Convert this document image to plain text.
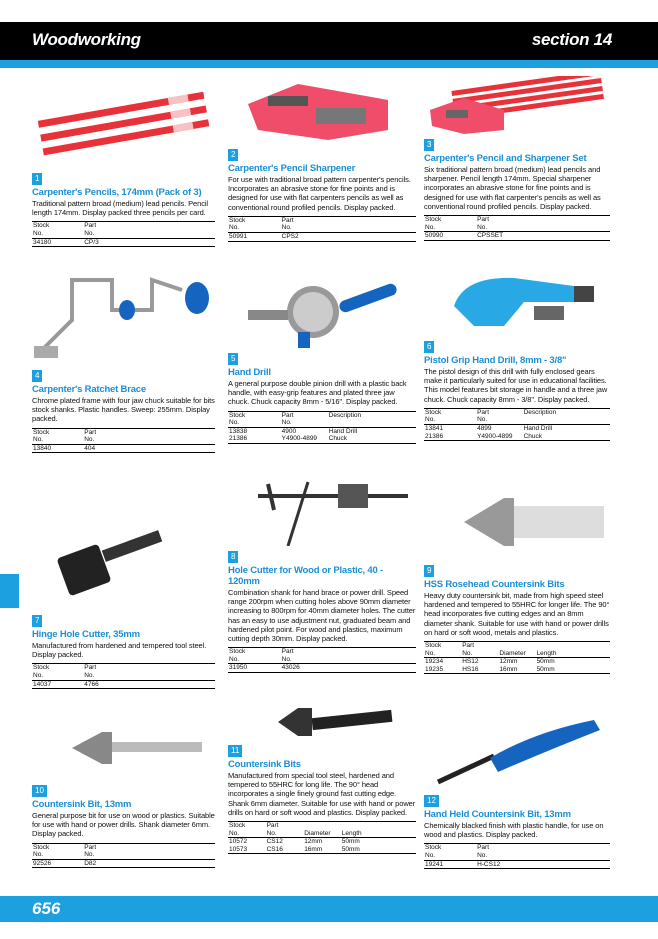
Woodworking	section 14
656
1
Carpenter's Pencils, 174mm (Pack of 3)
Traditional pattern broad (medium) lead pencils. Pencil length 174mm. Display packed three pencils per card.
Stock
No.	Part
No.	
34180	CP/3	
2
Carpenter's Pencil Sharpener
For use with traditional broad pattern carpenter's pencils. Incorporates an abrasive stone for fine points and is designed for use with flat carpenters pencils as well as conventional round profiled pencils. Display packed.
Stock
No.	Part
No.	
50991	CPS2	
3
Carpenter's Pencil and Sharpener Set
Six traditional pattern broad (medium) lead pencils and sharpener. Pencil length 174mm. Special sharpener incorporates an abrasive stone for fine points and is designed for use with flat carpenter's pencils as well as conventional round profiled pencils. Display packed.
Stock
No.	Part
No.	
50990	CPSSET	
4
Carpenter's Ratchet Brace
Chrome plated frame with four jaw chuck suitable for bits stock shanks. Plastic handles. Sweep: 255mm. Display packed.
Stock
No.	Part
No.	
13840	404	
5
Hand Drill
A general purpose double pinion drill with a plastic back handle, with easy-grip features and plated three jaw chuck. Chuck capacity 8mm - 5/16". Display packed.
Stock
No.	Part
No.	Description
13838	4900	Hand Drill
21386	Y4900-4899	Chuck
6
Pistol Grip Hand Drill, 8mm - 3/8"
The pistol design of this drill with fully enclosed gears make it particularly suited for use in educational facilities. This model features bit storage in handle and a three jaw chuck. Chuck capacity 8mm - 3/8". Display packed.
Stock
No.	Part
No.	Description
13841	4899	Hand Drill
21386	Y4900-4899	Chuck
7
Hinge Hole Cutter, 35mm
Manufactured from hardened and tempered tool steel. Display packed.
Stock
No.	Part
No.	
14037	4766	
8
Hole Cutter for Wood or Plastic, 40 - 120mm
Combination shank for hand brace or power drill. Speed range 200rpm when cutting holes above 90mm diameter increasing to 800rpm for 40mm diameter holes. The cutter has an easy to use adjustment nut, graduated beam and hardened pilot point. For wood and plastics, maximum cutting depth 30mm. Display packed.
Stock
No.	Part
No.	
31950	43026	
9
HSS Rosehead Countersink Bits
Heavy duty countersink bit, made from high speed steel hardened and tempered to 55HRC for longer life. The 90° head incorporates five cutting edges and an 8mm diameter shank. Suitable for use with hand or power drills on hard or soft wood, metals and plastics.
Stock
No.	Part
No.	Diameter	Length
19234	HS12	12mm	50mm
19235	HS16	16mm	50mm
10
Countersink Bit, 13mm
General purpose bit for use on wood or plastics. Suitable for use with hand or power drills. Shank diameter 6mm. Display packed.
Stock
No.	Part
No.	
92526	D82	
11
Countersink Bits
Manufactured from special tool steel, hardened and tempered to 55HRC for long life. The 90° head incorporates a single finely ground fast cutting edge. Shank 6mm diameter. Suitable for use with hand or power drills on hard or soft wood and plastics. Display packed.
Stock
No.	Part
No.	Diameter	Length
10572	CS12	12mm	50mm
10573	CS16	16mm	50mm
12
Hand Held Countersink Bit, 13mm
Chemically blacked finish with plastic handle, for use on wood and plastics. Display packed.
Stock
No.	Part
No.	
19241	H-CS12	
